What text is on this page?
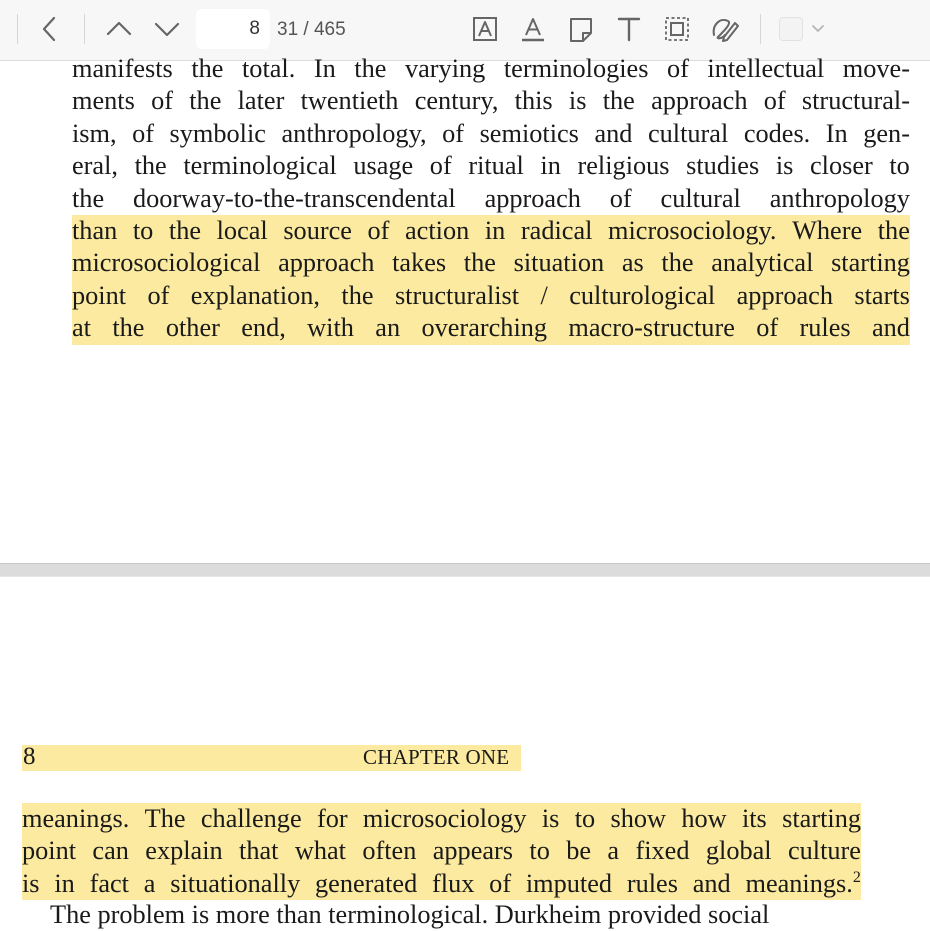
8
31 / 465
manifests the total. In the varying terminologies of intellectual move-
ments of the later twentieth century, this is the approach of structural-
ism, of symbolic anthropology, of semiotics and cultural codes. In gen-
eral, the terminological usage of ritual in religious studies is closer to
the doorway-to-the-transcendental approach of cultural anthropology
than to the local source of action in radical microsociology. Where the
microsociological approach takes the situation as the analytical starting
point of explanation, the structuralist / culturological approach starts
at the other end, with an overarching macro-structure of rules and
8	CHAPTER ONE
meanings. The challenge for microsociology is to show how its starting
point can explain that what often appears to be a fixed global culture
is in fact a situationally generated flux of imputed rules and meanings.$^2$
The problem is more than terminological. Durkheim provided social
